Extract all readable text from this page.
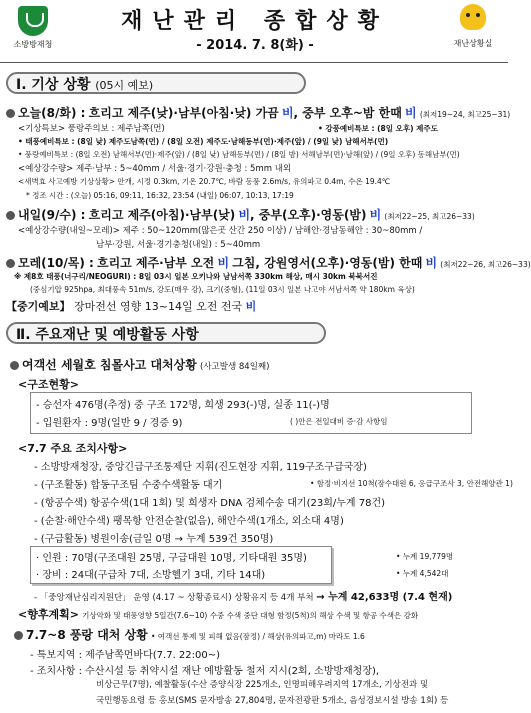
소방방재청
재난관리 종합상황
- 2014. 7. 8(화) -	재난상황실
Ⅰ. 기상 상황 (05시 예보)
오늘(8/화) : 흐리고 제주(낮)·남부(아침·낮) 가끔 비, 중부 오후~밤 한때 비 (최저19~24, 최고25~31)
<기상특보> 풍랑주의보 : 제주남쪽(먼)	• 강풍예비특보 : (8일 오후) 제주도
• 태풍예비특보 : (8일 낮) 제주도남쪽(먼) / (8일 오전) 제주도·남해동부(먼)·제주(앞) / (9일 낮) 남해서부(먼)
• 풍랑예비특보 : (8일 오전) 남해서부(먼)·제주(앞) / (8일 낮) 남해동부(먼) / (8일 밤) 서해남부(먼)·남해(앞) / (9일 오후) 동해남부(먼)
<예상강수량> 제주·남부 : 5~40mm / 서울·경기·강원·충청 : 5mm 내외
<새벽효 사고예방 기상상황> 안개, 시정 0.3km, 기온 20.7℃, 바람 동풍 2.6m/s, 유의파고 0.4m, 수온 19.4℃
* 정조 시간 : (오늘) 05:16, 09:11, 16:32, 23:54 (내일) 06:07, 10:13, 17:19
내일(9/수) : 흐리고 제주(아침)·남부(낮) 비, 중부(오후)·영동(밤) 비 (최저22~25, 최고26~33)
<예상강수량(내일~모레)> 제주 : 50~120mm(많은곳 산간 250 이상) / 남해안·경남동해안 : 30~80mm /
남부·강원, 서울·경기충청(내일) : 5~40mm
모레(10/목) : 흐리고 제주·남부 오전 비 그침, 강원영서(오후)·영동(밤) 한때 비 (최저22~26, 최고26~33)
※ 제8호 태풍(너구리/NEOGURI) : 8일 03시 일본 오키나와 남남서쪽 330km 해상, 매시 30km 북북서진
(중심기압 925hpa, 최대풍속 51m/s, 강도(매우 강), 크기(중형), (11일 03시 일본 나고야 서남서쪽 약 180km 육상)
【중기예보】 장마전선 영향 13~14일 오전 전국 비
Ⅱ. 주요재난 및 예방활동 사항
여객선 세월호 침몰사고 대처상황 (사고발생 84일째)
<구조현황>
- 승선자 476명(추정) 중 구조 172명, 희생 293(-)명, 실종 11(-)명
- 입원환자 : 9명(일반 9 / 경증 9)	( )안은 전일대비 증·감 사항임
<7.7 주요 조치사항>
- 소방방재청장, 중앙긴급구조통제단 지휘(진도현장 지휘, 119구조구급국장)
- (구조활동) 합동구조팀 수중수색활동 대기	• 함정·비지선 10척(잠수대원 6, 응급구조사 3, 안전해양관 1)
- (항공수색) 항공수색(1대 1회) 및 희생자 DNA 검체수송 대기(23회/누계 78건)
- (순찰·해안수색) 팽목항 안전순찰(없음), 해안수색(1개소, 외소대 4명)
- (구급활동) 병원이송(금일 0명 → 누계 539건 350명)
· 인원 : 70명(구조대원 25명, 구급대원 10명, 기타대원 35명)	• 누계 19,779명
· 장비 : 24대(구급차 7대, 소방헬기 3대, 기타 14대)	• 누계 4,542대
- 「중앙재난심리지원단」 운영 (4.17 ~ 상황종료시) 상황유지 등 4개 부처 → 누계 42,633명 (7.4 현재)
<향후계획> 기상악화 및 태풍영향 5일간(7.6~10) 수중 수색 중단 대형 함정(5척)의 해상 수색 및 항공 수색은 강화
7.7~8 풍랑 대처 상황 • 여객선 통제 및 피해 없음(잠정) / 해상(유의파고,m) 마라도 1.6
- 특보지역 : 제주남쪽먼바다(7.7. 22:00~)
- 조치사항 : 수산시설 등 취약시설 재난 예방활동 철저 지시(2회, 소방방재청장),
비상근무(7명), 예찰활동(수산 증양식장 225개소, 인명피해우려지역 17개소, 기상전과 및
국민행동요령 등 홍보(SMS 문자방송 27,804명, 문자전광판 5개소, 음성경보시설 방송 1회) 등
